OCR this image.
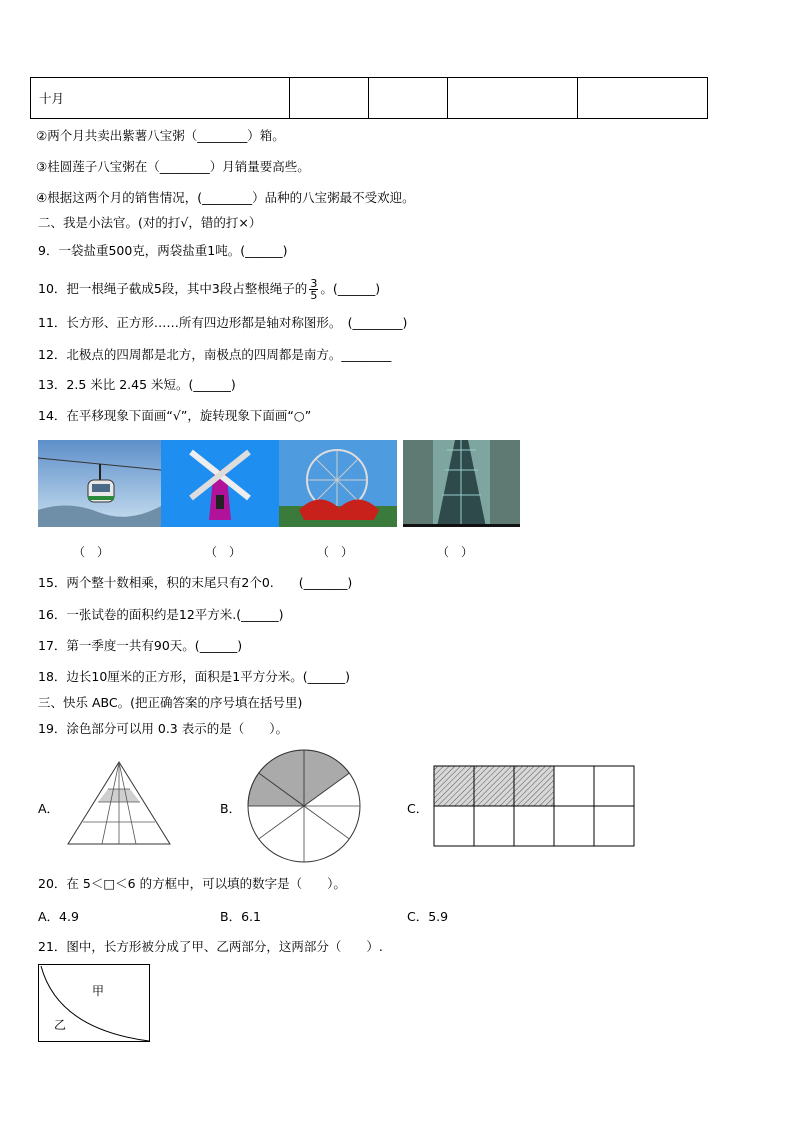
十月				
②两个月共卖出紫薯八宝粥（________）箱。
③桂圆莲子八宝粥在（________）月销量要高些。
④根据这两个月的销售情况，(________）品种的八宝粥最不受欢迎。
二、我是小法官。(对的打√，错的打×）
9．一袋盐重500克，两袋盐重1吨。(______)
10．把一根绳子截成5段，其中3段占整根绳子的 $\frac{3}{5}$ 。(______)
11．长方形、正方形……所有四边形都是轴对称图形。　(________)
12．北极点的四周都是北方，南极点的四周都是南方。________
13．2.5 米比 2.45 米短。(______)
14．在平移现象下面画“√”，旋转现象下面画“○”
（　）	（　）	（　）	（　）
15．两个整十数相乘，积的末尾只有2个0.　　(_______)
16．一张试卷的面积约是12平方米.(______)
17．第一季度一共有90天。(______)
18．边长10厘米的正方形，面积是1平方分米。(______)
三、快乐 ABC。(把正确答案的序号填在括号里)
19．涂色部分可以用 0.3 表示的是（　　）。
A．	B．	C．
20．在 5＜□＜6 的方框中，可以填的数字是（　　）。
A．4.9	B．6.1	C．5.9
21．图中，长方形被分成了甲、乙两部分，这两部分（　　）.
甲
乙
